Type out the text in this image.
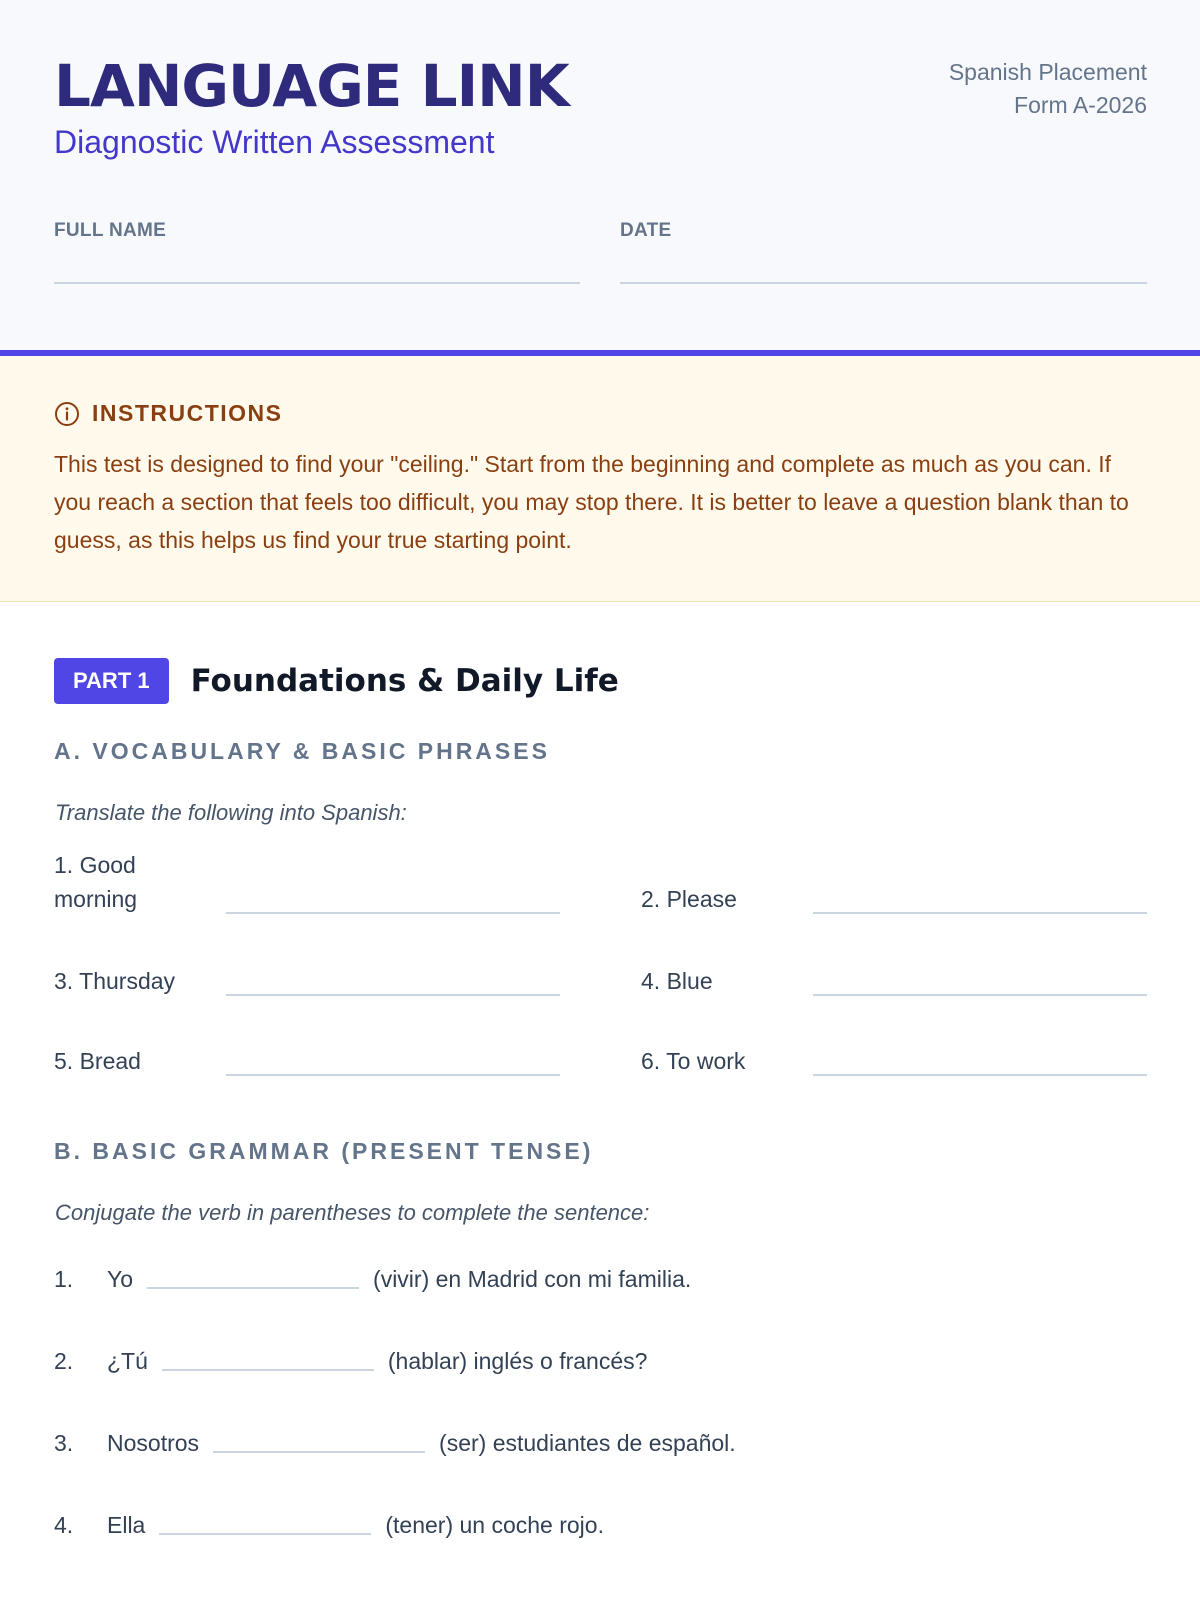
LANGUAGE LINK
Diagnostic Written Assessment
Spanish Placement
Form A-2026
FULL NAME	DATE
INSTRUCTIONS
This test is designed to find your "ceiling." Start from the beginning and complete as much as you can. If you reach a section that feels too difficult, you may stop there. It is better to leave a question blank than to guess, as this helps us find your true starting point.
PART 1	Foundations & Daily Life
A. VOCABULARY & BASIC PHRASES
Translate the following into Spanish:
1. Good morning	2. Please
3. Thursday	4. Blue
5. Bread	6. To work
B. BASIC GRAMMAR (PRESENT TENSE)
Conjugate the verb in parentheses to complete the sentence:
1.	Yo	(vivir) en Madrid con mi familia.
2.	¿Tú	(hablar) inglés o francés?
3.	Nosotros	(ser) estudiantes de español.
4.	Ella	(tener) un coche rojo.
